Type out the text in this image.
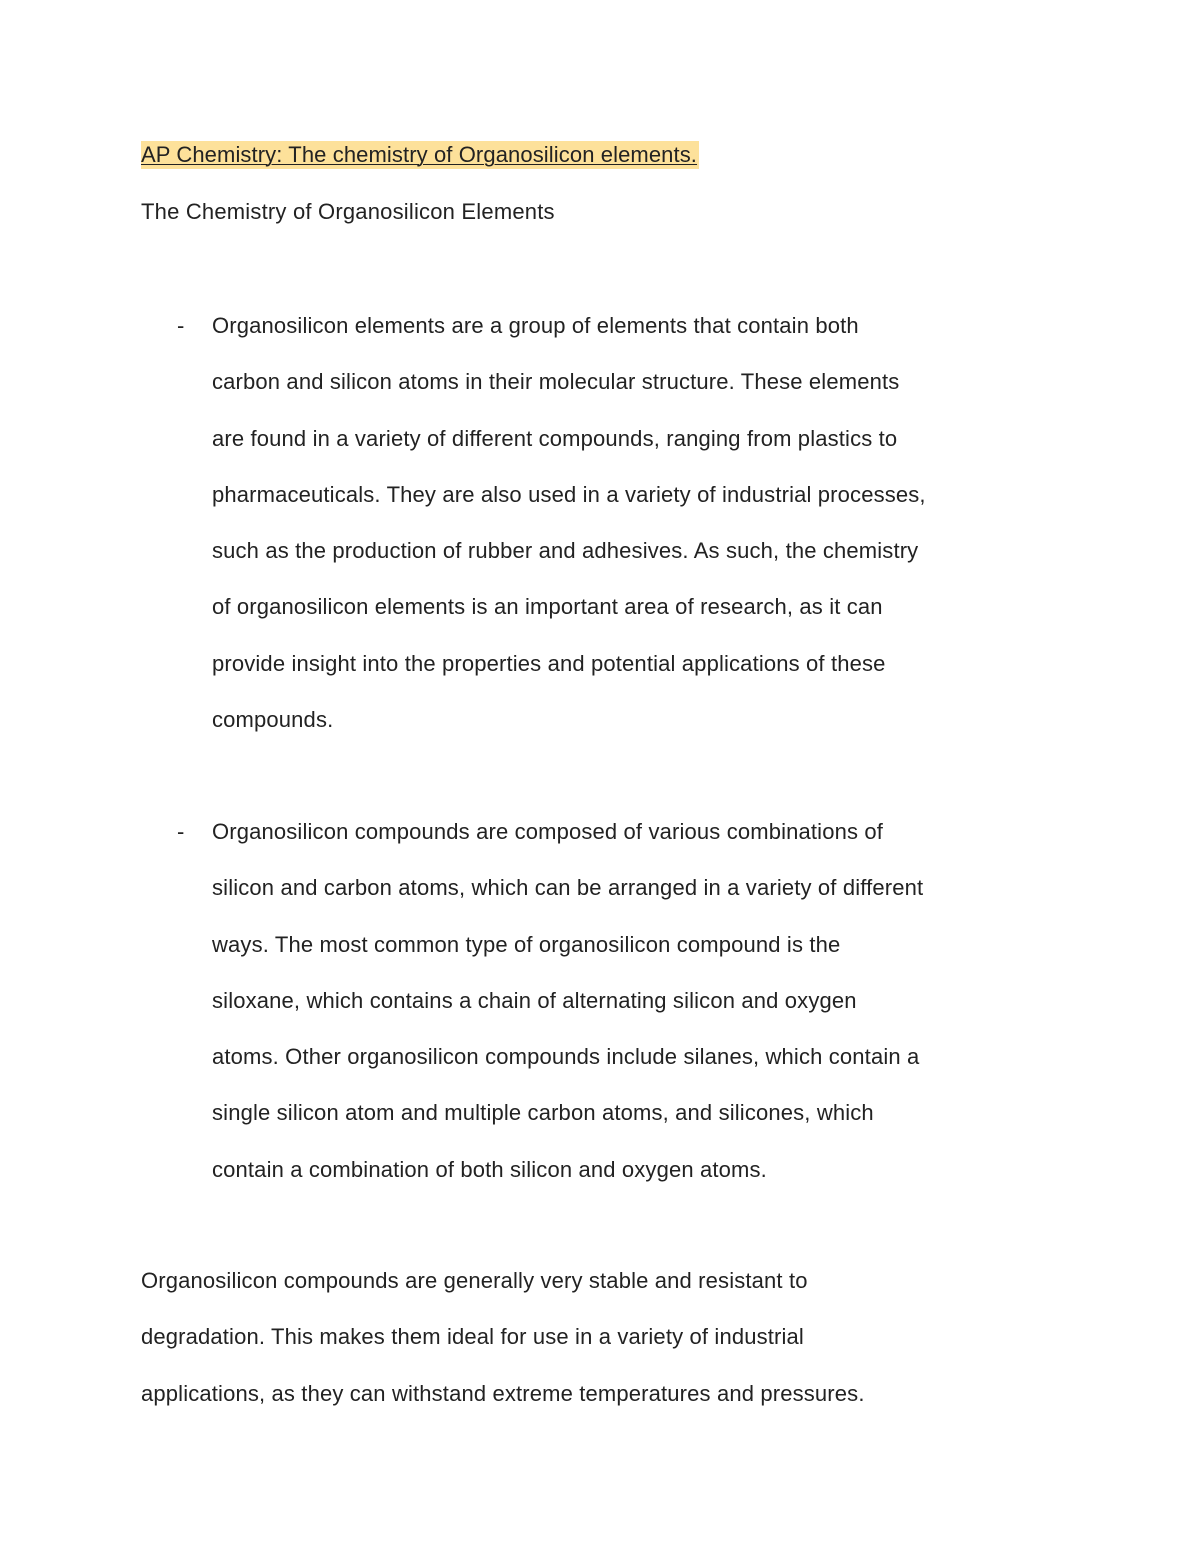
AP Chemistry: The chemistry of Organosilicon elements.
The Chemistry of Organosilicon Elements
- Organosilicon elements are a group of elements that contain both
carbon and silicon atoms in their molecular structure. These elements
are found in a variety of different compounds, ranging from plastics to
pharmaceuticals. They are also used in a variety of industrial processes,
such as the production of rubber and adhesives. As such, the chemistry
of organosilicon elements is an important area of research, as it can
provide insight into the properties and potential applications of these
compounds.
- Organosilicon compounds are composed of various combinations of
silicon and carbon atoms, which can be arranged in a variety of different
ways. The most common type of organosilicon compound is the
siloxane, which contains a chain of alternating silicon and oxygen
atoms. Other organosilicon compounds include silanes, which contain a
single silicon atom and multiple carbon atoms, and silicones, which
contain a combination of both silicon and oxygen atoms.
Organosilicon compounds are generally very stable and resistant to
degradation. This makes them ideal for use in a variety of industrial
applications, as they can withstand extreme temperatures and pressures.
